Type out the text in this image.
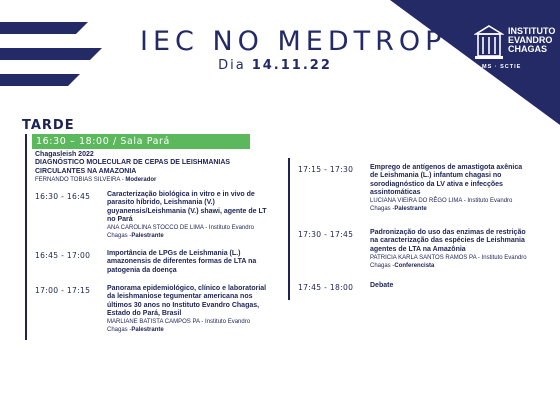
IEC NO MEDTROP
Dia 14.11.22
INSTITUTO
EVANDRO
CHAGAS
MS · SCTIE
TARDE
16:30 – 18:00 / Sala Pará
Chagasleish 2022
DIAGNÓSTICO MOLECULAR DE CEPAS DE LEISHMANIAS CIRCULANTES NA AMAZONIA
FERNANDO TOBIAS SILVEIRA - Moderador
16:30 - 16:45 Caracterização biológica in vitro e in vivo de parasito híbrido, Leishmania (V.) guyanensis/Leishmania (V.) shawi, agente de LT no Pará
ANA CAROLINA STOCCO DE LIMA - Instituto Evandro Chagas -Palestrante
16:45 - 17:00 Importância de LPGs de Leishmania (L.) amazonensis de diferentes formas de LTA na patogenia da doença
17:00 - 17:15 Panorama epidemiológico, clínico e laboratorial da leishmaniose tegumentar americana nos últimos 30 anos no Instituto Evandro Chagas, Estado do Pará, Brasil
MARLIANE BATISTA CAMPOS PA - Instituto Evandro Chagas -Palestrante
17:15 - 17:30 Emprego de antígenos de amastigota axênica de Leishmania (L.) infantum chagasi no sorodiagnóstico da LV ativa e infecções assintomáticas
LUCIANA VIEIRA DO RÊGO LIMA - Instituto Evandro Chagas -Palestrante
17:30 - 17:45 Padronização do uso das enzimas de restrição na caracterização das espécies de Leishmania agentes de LTA na Amazônia
PATRICIA KARLA SANTOS RAMOS PA - Instituto Evandro Chagas -Conferencista
17:45 - 18:00 Debate
